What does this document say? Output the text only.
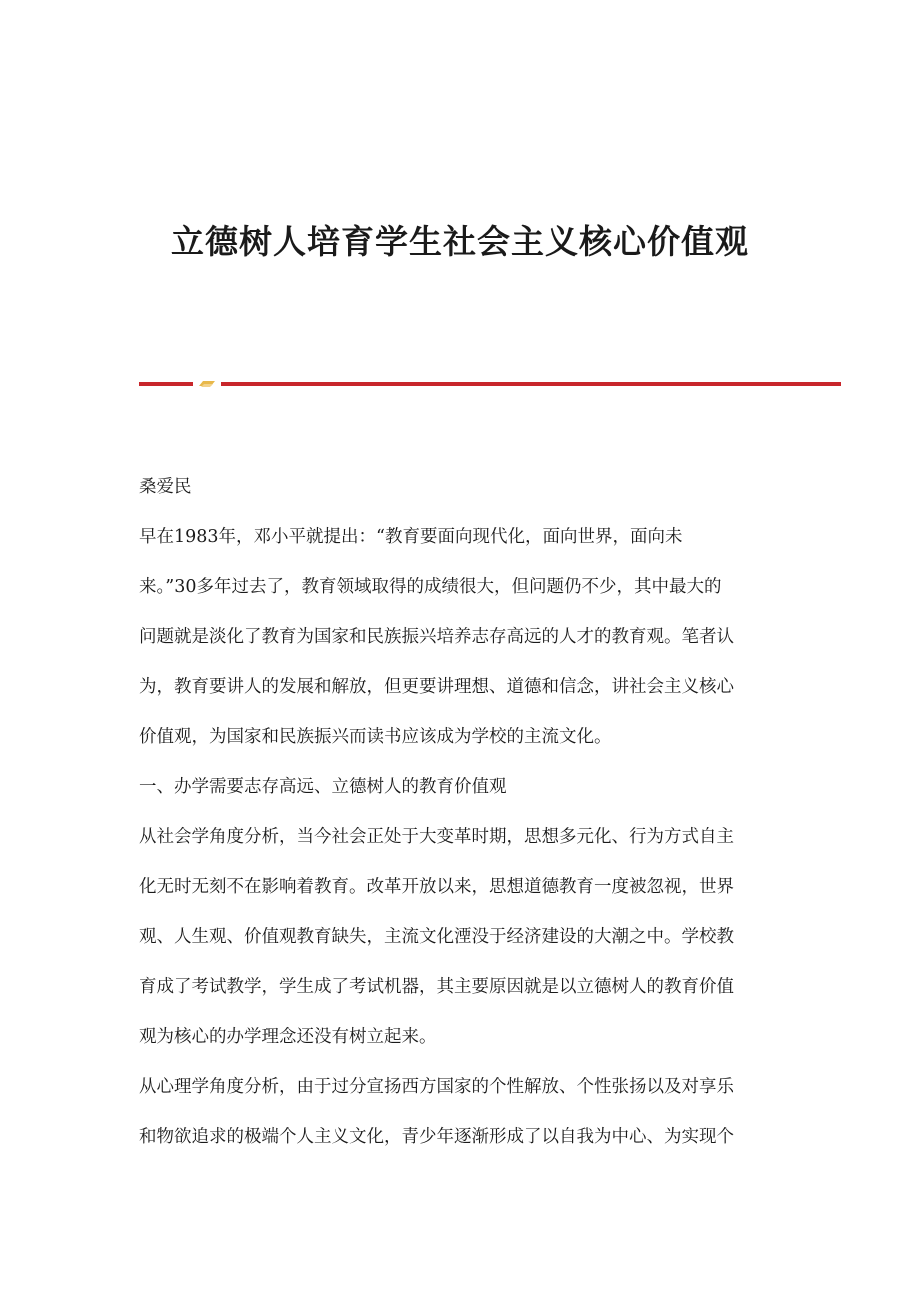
立德树人培育学生社会主义核心价值观

桑爱民

早在1983年，邓小平就提出：“教育要面向现代化，面向世界，面向未

来。”30多年过去了，教育领域取得的成绩很大，但问题仍不少，其中最大的

问题就是淡化了教育为国家和民族振兴培养志存高远的人才的教育观。笔者认

为，教育要讲人的发展和解放，但更要讲理想、道德和信念，讲社会主义核心

价值观，为国家和民族振兴而读书应该成为学校的主流文化。

一、办学需要志存高远、立德树人的教育价值观

从社会学角度分析，当今社会正处于大变革时期，思想多元化、行为方式自主

化无时无刻不在影响着教育。改革开放以来，思想道德教育一度被忽视，世界

观、人生观、价值观教育缺失，主流文化湮没于经济建设的大潮之中。学校教

育成了考试教学，学生成了考试机器，其主要原因就是以立德树人的教育价值

观为核心的办学理念还没有树立起来。

从心理学角度分析，由于过分宣扬西方国家的个性解放、个性张扬以及对享乐

和物欲追求的极端个人主义文化，青少年逐渐形成了以自我为中心、为实现个
